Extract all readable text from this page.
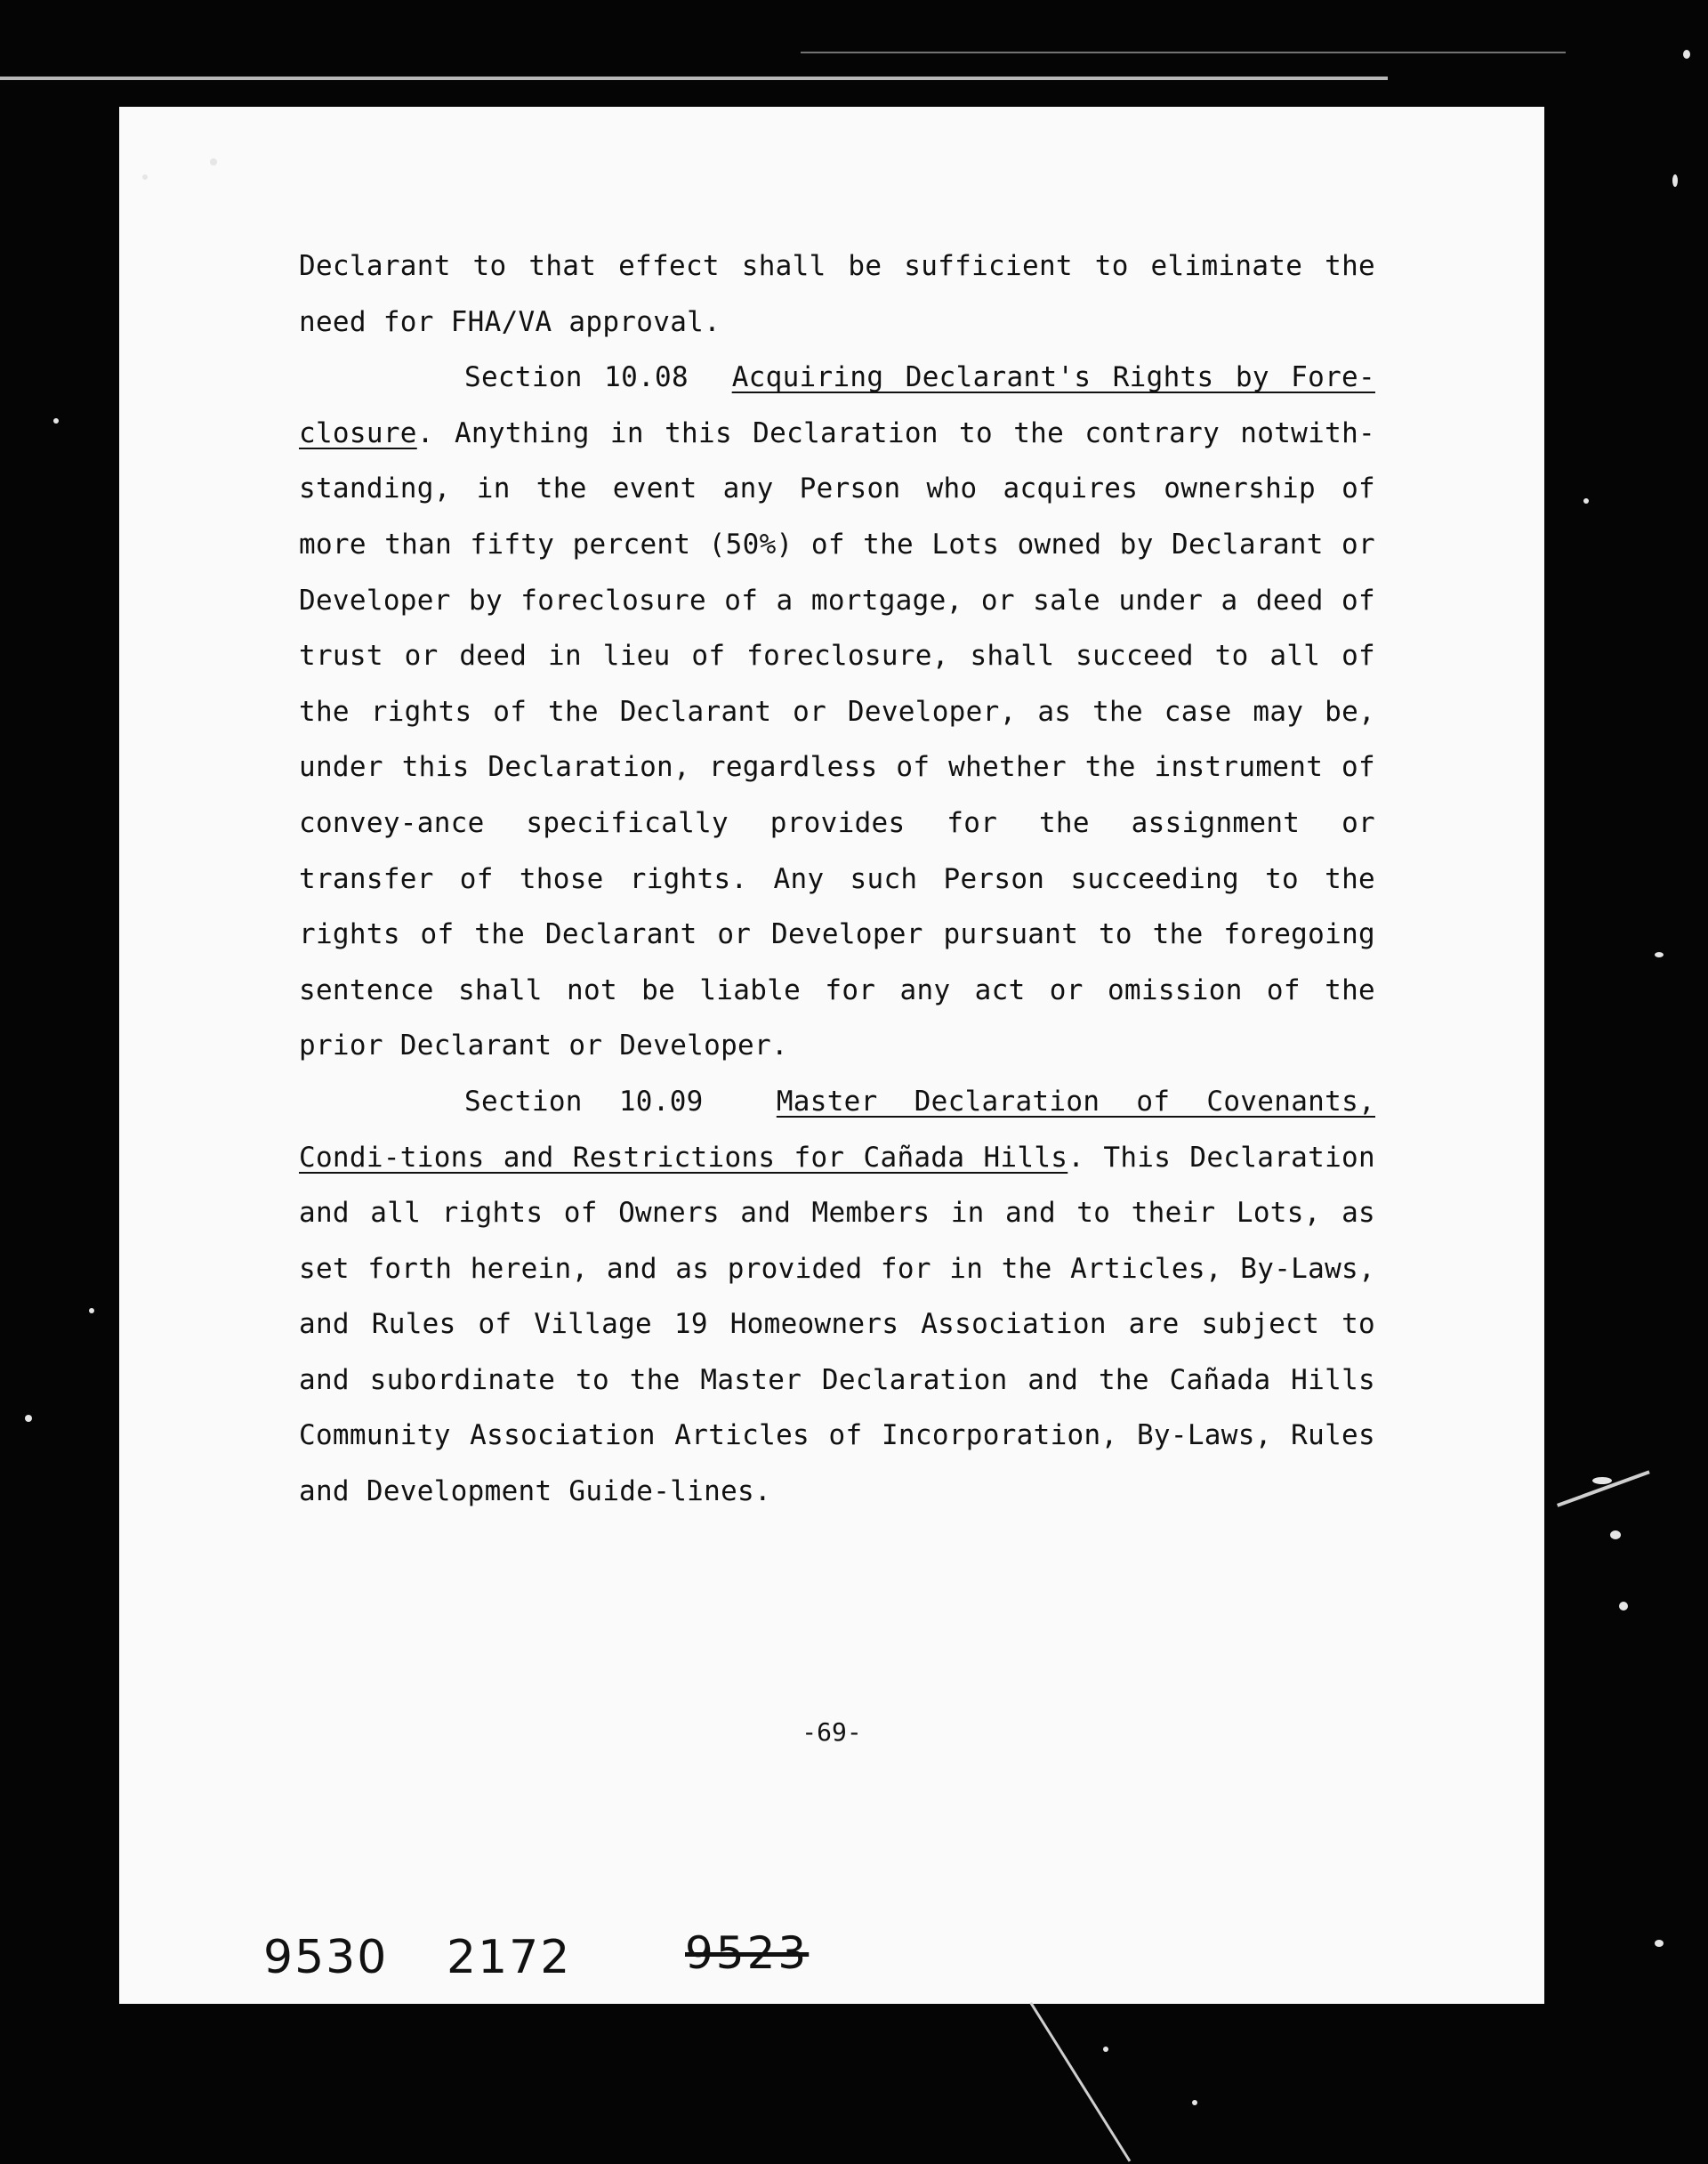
Declarant to that effect shall be sufficient to eliminate the need for FHA/VA approval.

Section 10.08 Acquiring Declarant's Rights by Fore-closure. Anything in this Declaration to the contrary notwith-standing, in the event any Person who acquires ownership of more than fifty percent (50%) of the Lots owned by Declarant or Developer by foreclosure of a mortgage, or sale under a deed of trust or deed in lieu of foreclosure, shall succeed to all of the rights of the Declarant or Developer, as the case may be, under this Declaration, regardless of whether the instrument of convey-ance specifically provides for the assignment or transfer of those rights. Any such Person succeeding to the rights of the Declarant or Developer pursuant to the foregoing sentence shall not be liable for any act or omission of the prior Declarant or Developer.

Section 10.09	Master Declaration of Covenants, Condi-tions and Restrictions for Cañada Hills. This Declaration and all rights of Owners and Members in and to their Lots, as set forth herein, and as provided for in the Articles, By-Laws, and Rules of Village 19 Homeowners Association are subject to and subordinate to the Master Declaration and the Cañada Hills Community Association Articles of Incorporation, By-Laws, Rules and Development Guide-lines.

-69-
9530 2172	9523
